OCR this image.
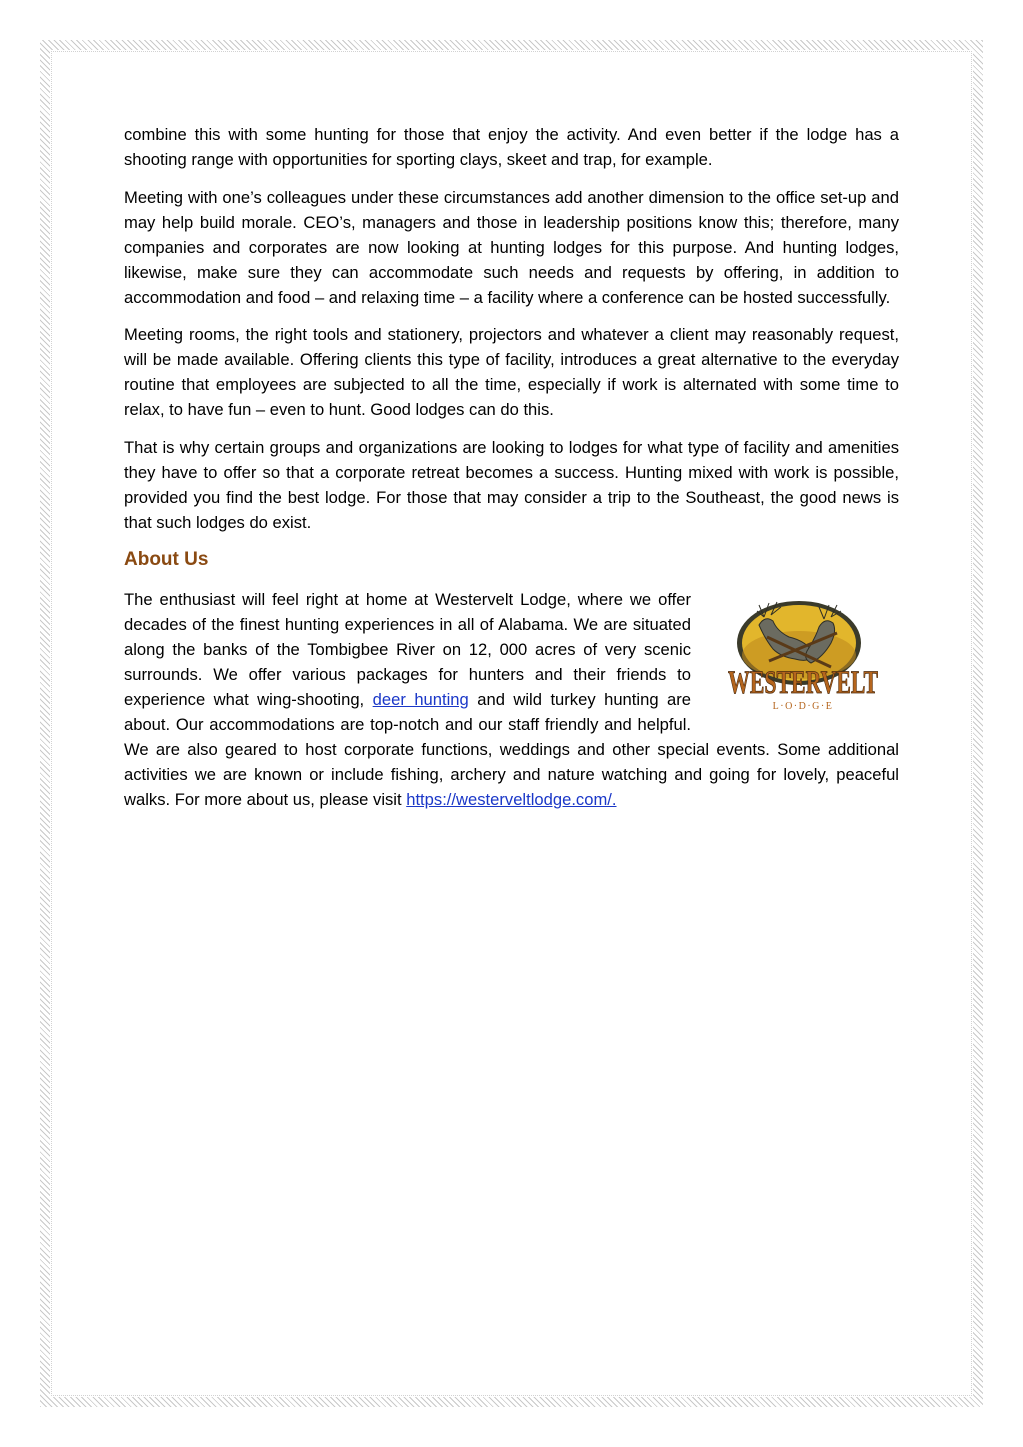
combine this with some hunting for those that enjoy the activity. And even better if the lodge has a shooting range with opportunities for sporting clays, skeet and trap, for example.

Meeting with one’s colleagues under these circumstances add another dimension to the office set-up and may help build morale. CEO’s, managers and those in leadership positions know this; therefore, many companies and corporates are now looking at hunting lodges for this purpose. And hunting lodges, likewise, make sure they can accommodate such needs and requests by offering, in addition to accommodation and food – and relaxing time – a facility where a conference can be hosted successfully.

Meeting rooms, the right tools and stationery, projectors and whatever a client may reasonably request, will be made available. Offering clients this type of facility, introduces a great alternative to the everyday routine that employees are subjected to all the time, especially if work is alternated with some time to relax, to have fun – even to hunt. Good lodges can do this.

That is why certain groups and organizations are looking to lodges for what type of facility and amenities they have to offer so that a corporate retreat becomes a success. Hunting mixed with work is possible, provided you find the best lodge. For those that may consider a trip to the Southeast, the good news is that such lodges do exist.

About Us

WESTERVELT
L·O·D·G·E
The enthusiast will feel right at home at Westervelt Lodge, where we offer decades of the finest hunting experiences in all of Alabama. We are situated along the banks of the Tombigbee River on 12, 000 acres of very scenic surrounds. We offer various packages for hunters and their friends to experience what wing-shooting, deer hunting and wild turkey hunting are about. Our accommodations are top-notch and our staff friendly and helpful. We are also geared to host corporate functions, weddings and other special events. Some additional activities we are known or include fishing, archery and nature watching and going for lovely, peaceful walks. For more about us, please visit https://westerveltlodge.com/.
